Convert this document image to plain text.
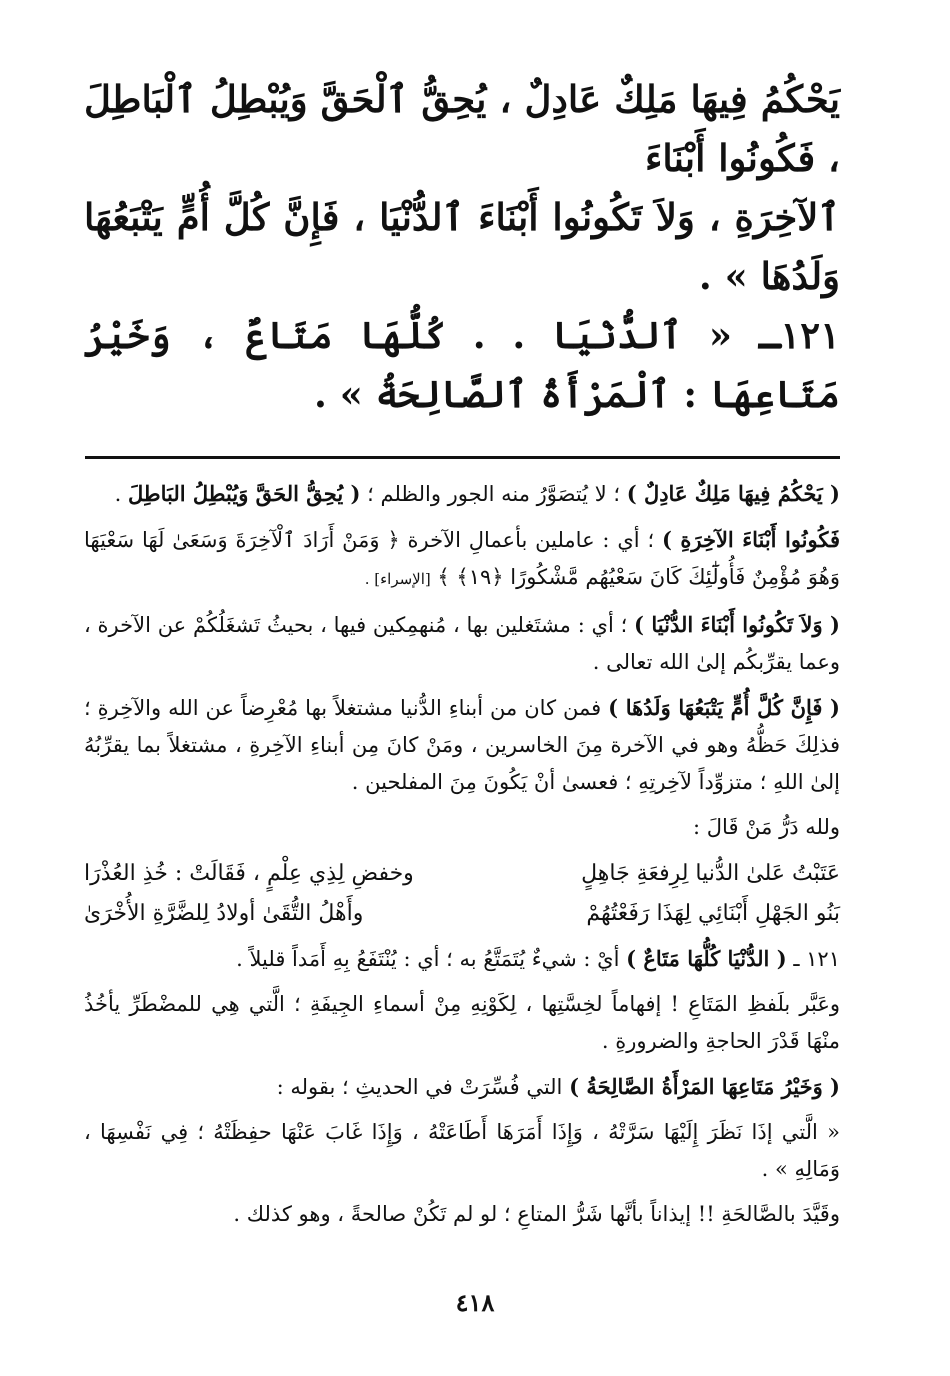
يَحْكُمُ فِيهَا مَلِكٌ عَادِلٌ ، يُحِقُّ ٱلْحَقَّ وَيُبْطِلُ ٱلْبَاطِلَ ، فَكُونُوا أَبْنَاءَ

ٱلآخِرَةِ ، وَلاَ تَكُونُوا أَبْنَاءَ ٱلدُّنْيَا ، فَإِنَّ كُلَّ أُمٍّ يَتْبَعُهَا وَلَدُهَا » .

١٢١ـ « ٱلدُّنْيَا . . كُلُّهَا مَتَاعٌ ، وَخَيْرُ مَتَاعِهَا : ٱلْمَرْأَةُ ٱلصَّالِحَةُ » .

( يَحْكُمُ فِيهَا مَلِكٌ عَادِلٌ ) ؛ لا يُتصَوَّرُ منه الجور والظلم ؛ ( يُحِقُّ الحَقَّ وَيُبْطِلُ البَاطِلَ .

فَكُونُوا أَبْنَاءَ الآخِرَةِ ) ؛ أي : عاملين بأعمالِ الآخرة ﴿ وَمَنْ أَرَادَ ٱلْآخِرَةَ وَسَعَىٰ لَهَا سَعْيَهَا وَهُوَ مُؤْمِنٌ فَأُولَٰٓئِكَ كَانَ سَعْيُهُم مَّشْكُورًا ﴿١٩﴾ ﴾ [الإسراء] .

( وَلاَ تَكُونُوا أَبْنَاءَ الدُّنْيَا ) ؛ أي : مشتَغلين بها ، مُنهمِكين فيها ، بحيثُ تَشغَلُكُمْ عن الآخرة ، وعما يقرِّبكُم إلىٰ الله تعالى .

( فَإِنَّ كُلَّ أُمٍّ يَتْبَعُهَا وَلَدُهَا ) فمن كان من أبناءِ الدُّنيا مشتغلاً بها مُعْرِضاً عن الله والآخِرةِ ؛ فذلِكَ حَظُّهُ وهو في الآخرة مِنَ الخاسرين ، ومَنْ كانَ مِن أبناءِ الآخِرةِ ، مشتغلاً بما يقرِّبُهُ إلىٰ اللهِ ؛ متزوِّداً لآخِرتِهِ ؛ فعسىٰ أنْ يَكُونَ مِنَ المفلحين .

ولله دَرُّ مَنْ قَالَ :

عَتَبْتُ عَلىٰ الدُّنيا لِرِفعَةِ جَاهِلٍ
وخفضِ لِذِي عِلْمٍ ، فَقَالَتْ : خُذِ العُذْرَا
بَنُو الجَهْلِ أَبْنَائِي لِهَذَا رَفَعْتُهُمْ
وأَهْلُ التُّقَىٰ أولادُ لِلضَّرَّةِ الأُخْرَىٰ

١٢١ ـ ( الدُّنْيَا كُلُّهَا مَتَاعٌ ) أيْ : شيءٌ يُتَمَتَّعُ به ؛ أي : يُنْتَفَعُ بِهِ أَمَداً قليلاً .

وعَبَّر بلَفظِ المَتَاعِ ! إفهاماً لخِسَّتِها ، لِكَوْنِهِ مِنْ أسماءِ الجِيفَةِ ؛ الَّتي هِي للمضْطَرِّ يأخُذُ منْهَا قَدْرَ الحاجةِ والضرورةِ .

( وَخَيْرُ مَتَاعِهَا المَرْأَةُ الصَّالِحَةُ ) التي فُسِّرَتْ في الحديثِ ؛ بقوله :

« الَّتي إذَا نَظَرَ إِلَيْهَا سَرَّتْهُ ، وَإِذَا أَمَرَهَا أَطَاعَتْهُ ، وَإِذَا غَابَ عَنْهَا حفِظَتْهُ ؛ فِي نَفْسِهَا ، وَمَالِهِ » .

وقَيَّدَ بالصَّالحَةِ !! إيذاناً بأنَّها شَرُّ المتاعِ ؛ لو لم تَكُنْ صالحةً ، وهو كذلك .

٤١٨
